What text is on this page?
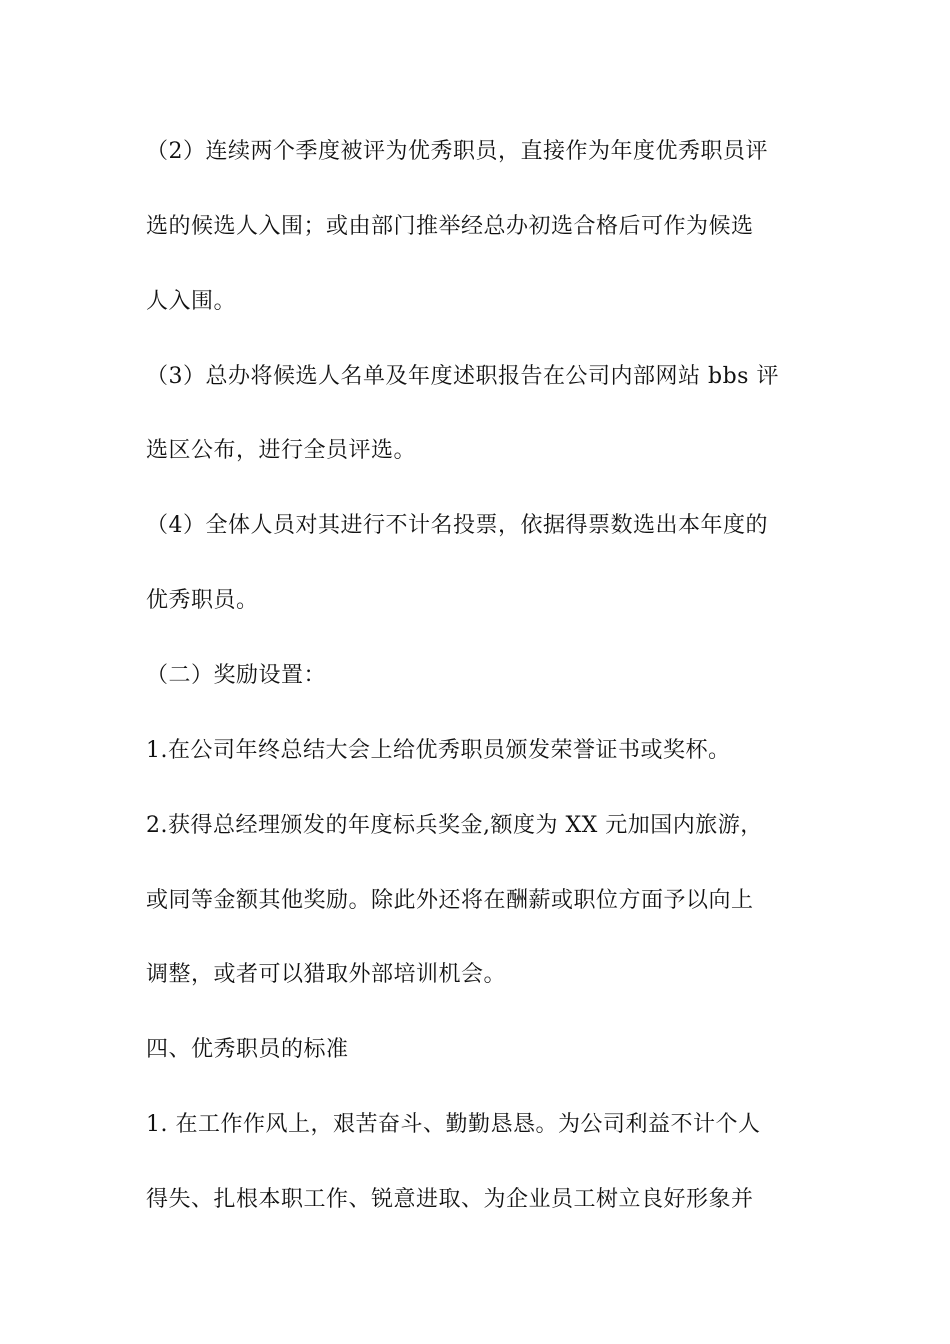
（2）连续两个季度被评为优秀职员，直接作为年度优秀职员评
选的候选人入围；或由部门推举经总办初选合格后可作为候选
人入围。
（3）总办将候选人名单及年度述职报告在公司内部网站 bbs 评
选区公布，进行全员评选。
（4）全体人员对其进行不计名投票，依据得票数选出本年度的
优秀职员。
（二）奖励设置：
1.在公司年终总结大会上给优秀职员颁发荣誉证书或奖杯。
2.获得总经理颁发的年度标兵奖金,额度为 XX 元加国内旅游，
或同等金额其他奖励。除此外还将在酬薪或职位方面予以向上
调整，或者可以猎取外部培训机会。
四、优秀职员的标准
1. 在工作作风上，艰苦奋斗、勤勤恳恳。为公司利益不计个人
得失、扎根本职工作、锐意进取、为企业员工树立良好形象并
